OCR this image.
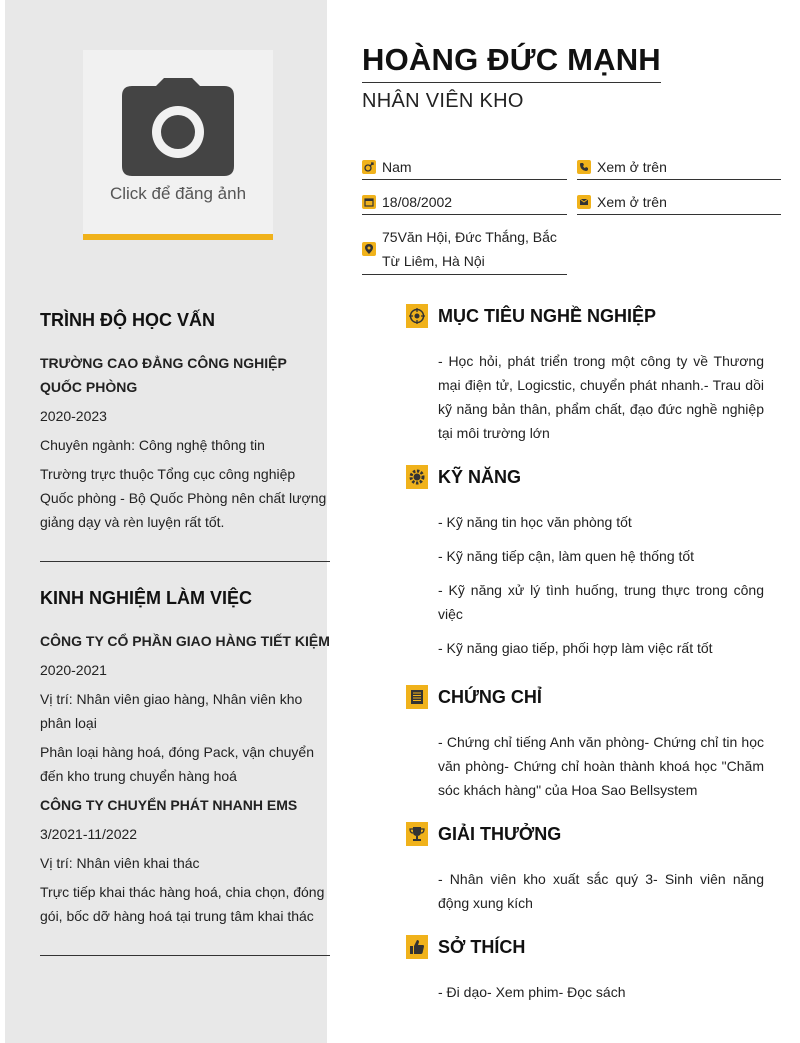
Click để đăng ảnh
TRÌNH ĐỘ HỌC VẤN

TRƯỜNG CAO ĐẲNG CÔNG NGHIỆP QUỐC PHÒNG

2020-2023

Chuyên ngành: Công nghệ thông tin

Trường trực thuộc Tổng cục công nghiệp Quốc phòng - Bộ Quốc Phòng nên chất lượng giảng dạy và rèn luyện rất tốt.

KINH NGHIỆM LÀM VIỆC

CÔNG TY CỔ PHẦN GIAO HÀNG TIẾT KIỆM

2020-2021

Vị trí: Nhân viên giao hàng, Nhân viên kho phân loại

Phân loại hàng hoá, đóng Pack, vận chuyển đến kho trung chuyển hàng hoá

CÔNG TY CHUYỂN PHÁT NHANH EMS

3/2021-11/2022

Vị trí: Nhân viên khai thác

Trực tiếp khai thác hàng hoá, chia chọn, đóng gói, bốc dỡ hàng hoá tại trung tâm khai thác

HOÀNG ĐỨC MẠNH
NHÂN VIÊN KHO
Nam	Xem ở trên
18/08/2002	Xem ở trên
75Văn Hội, Đức Thắng, Bắc Từ Liêm, Hà Nội
MỤC TIÊU NGHỀ NGHIỆP
- Học hỏi, phát triển trong một công ty về Thương mại điện tử, Logicstic, chuyển phát nhanh.- Trau dồi kỹ năng bản thân, phẩm chất, đạo đức nghề nghiệp tại môi trường lớn
KỸ NĂNG

- Kỹ năng tin học văn phòng tốt

- Kỹ năng tiếp cận, làm quen hệ thống tốt

- Kỹ năng xử lý tình huống, trung thực trong công việc

- Kỹ năng giao tiếp, phối hợp làm việc rất tốt

CHỨNG CHỈ
- Chứng chỉ tiếng Anh văn phòng- Chứng chỉ tin học văn phòng- Chứng chỉ hoàn thành khoá học "Chăm sóc khách hàng" của Hoa Sao Bellsystem
GIẢI THƯỞNG
- Nhân viên kho xuất sắc quý 3- Sinh viên năng động xung kích
SỞ THÍCH
- Đi dạo- Xem phim- Đọc sách
